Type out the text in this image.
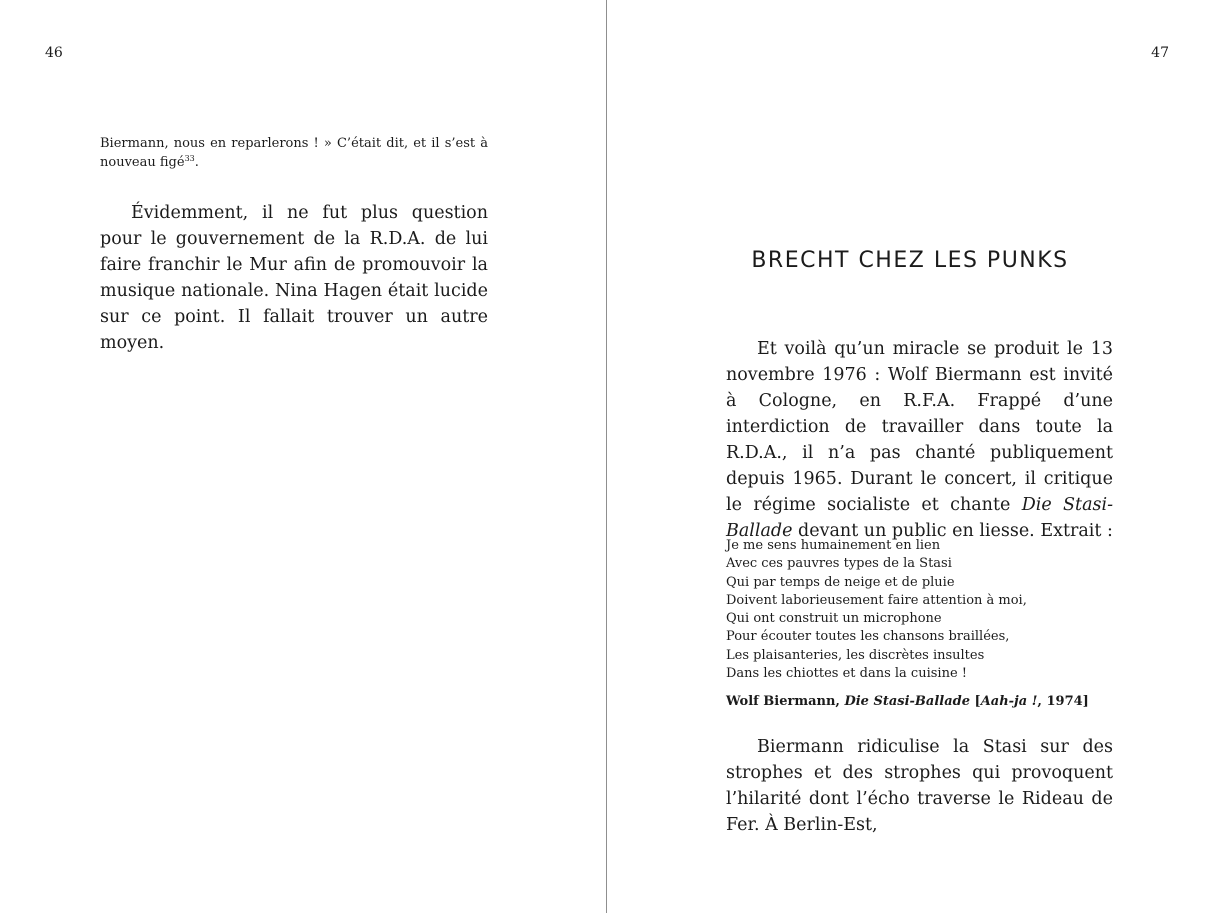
46
Biermann, nous en reparlerons ! » C’était dit, et il s’est à nouveau figé$^{33}$.

Évidemment, il ne fut plus question pour le gouvernement de la R.D.A. de lui faire franchir le Mur afin de promouvoir la musique nationale. Nina Hagen était lucide sur ce point. Il fallait trouver un autre moyen.

47
BRECHT CHEZ LES PUNKS

Et voilà qu’un miracle se produit le 13 novembre 1976 : Wolf Biermann est invité à Cologne, en R.F.A. Frappé d’une interdiction de travailler dans toute la R.D.A., il n’a pas chanté publiquement depuis 1965. Durant le concert, il critique le régime socialiste et chante Die Stasi-Ballade devant un public en liesse. Extrait :

Je me sens humainement en lien
Avec ces pauvres types de la Stasi
Qui par temps de neige et de pluie
Doivent laborieusement faire attention à moi,
Qui ont construit un microphone
Pour écouter toutes les chansons braillées,
Les plaisanteries, les discrètes insultes
Dans les chiottes et dans la cuisine !
Wolf Biermann, Die Stasi-Ballade [Aah-ja !, 1974]

Biermann ridiculise la Stasi sur des strophes et des strophes qui provoquent l’hilarité dont l’écho traverse le Rideau de Fer. À Berlin-Est,
